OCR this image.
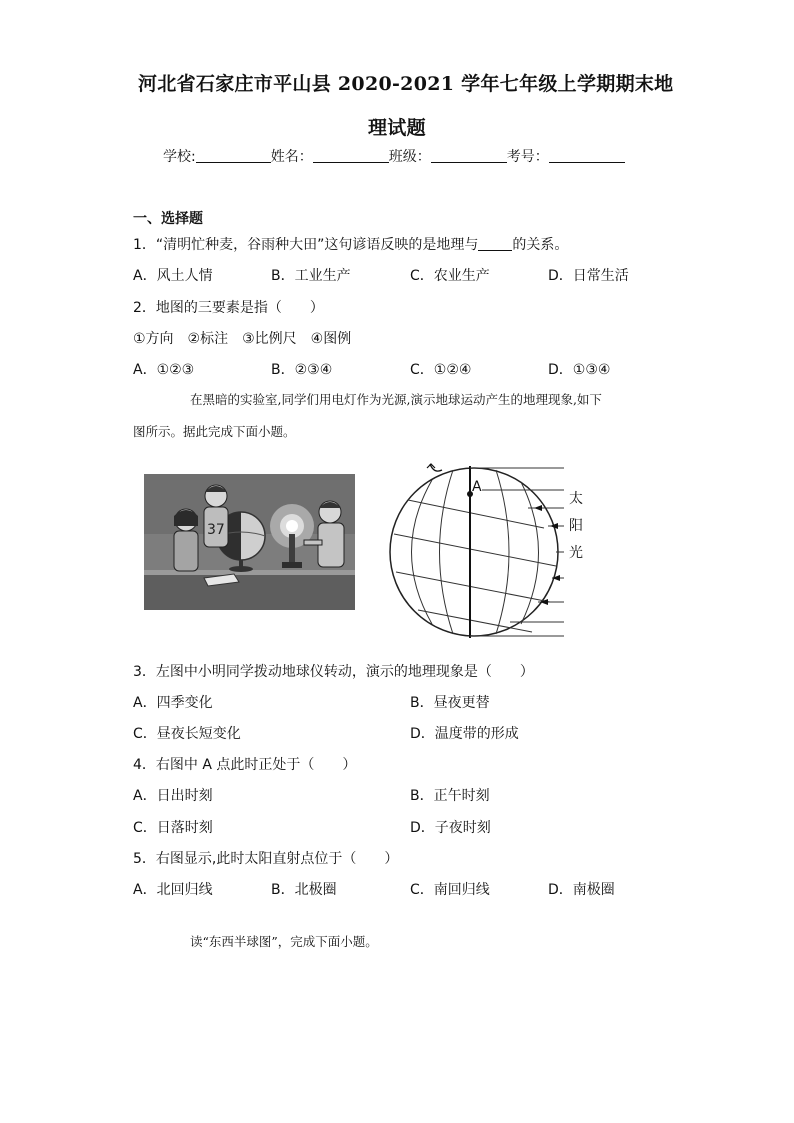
河北省石家庄市平山县 2020-2021 学年七年级上学期期末地
理试题
学校:	姓名：	班级：	考号：
一、选择题
1．“清明忙种麦，谷雨种大田”这句谚语反映的是地理与 的关系。
A．风土人情	B．工业生产	C．农业生产	D．日常生活
2．地图的三要素是指（　　）
①方向　②标注　③比例尺　④图例
A．①②③	B．②③④	C．①②④	D．①③④
在黑暗的实验室,同学们用电灯作为光源,演示地球运动产生的地理现象,如下
图所示。据此完成下面小题。
37
A
太
阳
光
3．左图中小明同学拨动地球仪转动，演示的地理现象是（　　）
A．四季变化	B．昼夜更替
C．昼夜长短变化	D．温度带的形成
4．右图中 A 点此时正处于（　　）
A．日出时刻	B．正午时刻
C．日落时刻	D．子夜时刻
5．右图显示,此时太阳直射点位于（　　）
A．北回归线	B．北极圈	C．南回归线	D．南极圈
读“东西半球图”，完成下面小题。
